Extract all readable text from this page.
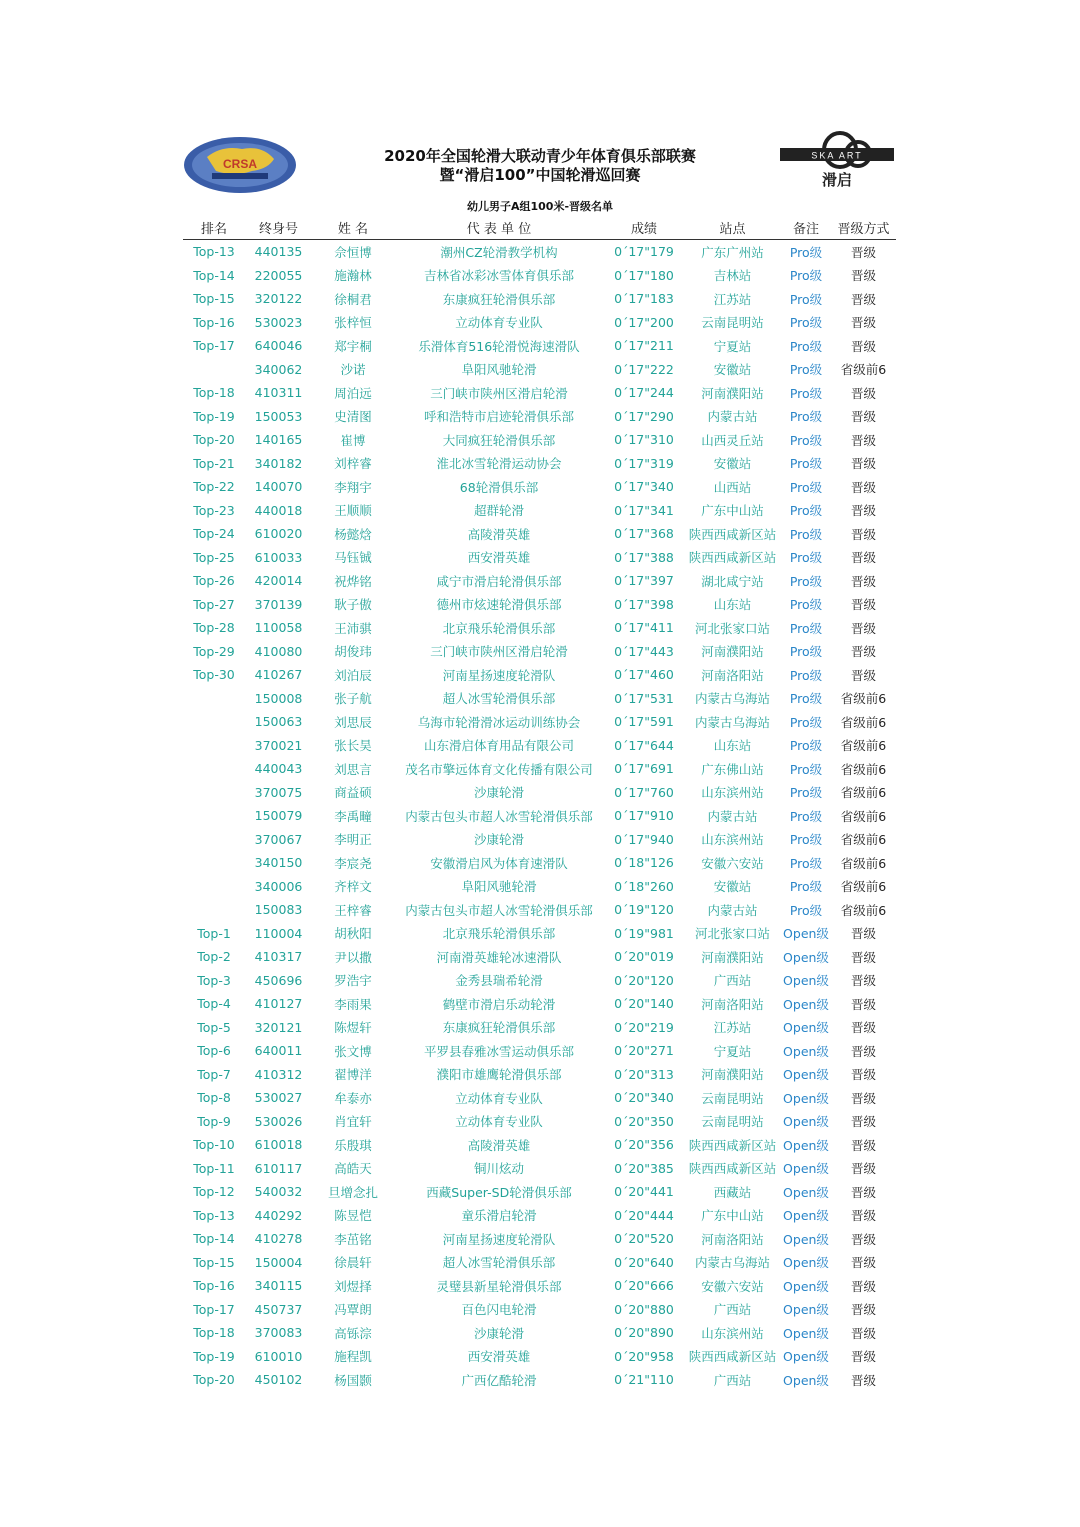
CRSA
SKA ART
滑启
2020年全国轮滑大联动青少年体育俱乐部联赛
暨“滑启100”中国轮滑巡回赛
幼儿男子A组100米-晋级名单
排名	终身号	姓 名	代 表 单 位	成绩	站点	备注	晋级方式
Top-13	440135	佘恒博	潮州CZ轮滑教学机构	0´17"179	广东广州站	Pro级	晋级
Top-14	220055	施瀚林	吉林省冰彩冰雪体育俱乐部	0´17"180	吉林站	Pro级	晋级
Top-15	320122	徐桐君	东康疯狂轮滑俱乐部	0´17"183	江苏站	Pro级	晋级
Top-16	530023	张梓恒	立动体育专业队	0´17"200	云南昆明站	Pro级	晋级
Top-17	640046	郑宇桐	乐滑体育516轮滑悦海速滑队	0´17"211	宁夏站	Pro级	晋级
	340062	沙诺	阜阳风驰轮滑	0´17"222	安徽站	Pro级	省级前6
Top-18	410311	周泊远	三门峡市陕州区滑启轮滑	0´17"244	河南濮阳站	Pro级	晋级
Top-19	150053	史清图	呼和浩特市启迹轮滑俱乐部	0´17"290	内蒙古站	Pro级	晋级
Top-20	140165	崔博	大同疯狂轮滑俱乐部	0´17"310	山西灵丘站	Pro级	晋级
Top-21	340182	刘梓睿	淮北冰雪轮滑运动协会	0´17"319	安徽站	Pro级	晋级
Top-22	140070	李翔宇	68轮滑俱乐部	0´17"340	山西站	Pro级	晋级
Top-23	440018	王顺顺	超群轮滑	0´17"341	广东中山站	Pro级	晋级
Top-24	610020	杨懿焓	高陵滑英雄	0´17"368	陕西西咸新区站	Pro级	晋级
Top-25	610033	马钰铖	西安滑英雄	0´17"388	陕西西咸新区站	Pro级	晋级
Top-26	420014	祝烨铭	咸宁市滑启轮滑俱乐部	0´17"397	湖北咸宁站	Pro级	晋级
Top-27	370139	耿子傲	德州市炫速轮滑俱乐部	0´17"398	山东站	Pro级	晋级
Top-28	110058	王沛骐	北京飛乐轮滑俱乐部	0´17"411	河北张家口站	Pro级	晋级
Top-29	410080	胡俊玮	三门峡市陕州区滑启轮滑	0´17"443	河南濮阳站	Pro级	晋级
Top-30	410267	刘泊辰	河南星扬速度轮滑队	0´17"460	河南洛阳站	Pro级	晋级
	150008	张子航	超人冰雪轮滑俱乐部	0´17"531	内蒙古乌海站	Pro级	省级前6
	150063	刘思辰	乌海市轮滑滑冰运动训练协会	0´17"591	内蒙古乌海站	Pro级	省级前6
	370021	张长昊	山东滑启体育用品有限公司	0´17"644	山东站	Pro级	省级前6
	440043	刘思言	茂名市擎远体育文化传播有限公司	0´17"691	广东佛山站	Pro级	省级前6
	370075	商益硕	沙康轮滑	0´17"760	山东滨州站	Pro级	省级前6
	150079	李禹疃	内蒙古包头市超人冰雪轮滑俱乐部	0´17"910	内蒙古站	Pro级	省级前6
	370067	李明正	沙康轮滑	0´17"940	山东滨州站	Pro级	省级前6
	340150	李宸尧	安徽滑启风为体育速滑队	0´18"126	安徽六安站	Pro级	省级前6
	340006	齐梓文	阜阳风驰轮滑	0´18"260	安徽站	Pro级	省级前6
	150083	王梓睿	内蒙古包头市超人冰雪轮滑俱乐部	0´19"120	内蒙古站	Pro级	省级前6
Top-1	110004	胡秋阳	北京飛乐轮滑俱乐部	0´19"981	河北张家口站	Open级	晋级
Top-2	410317	尹以撒	河南滑英雄轮冰速滑队	0´20"019	河南濮阳站	Open级	晋级
Top-3	450696	罗浩宇	金秀县瑞希轮滑	0´20"120	广西站	Open级	晋级
Top-4	410127	李雨果	鹤壁市滑启乐动轮滑	0´20"140	河南洛阳站	Open级	晋级
Top-5	320121	陈煜轩	东康疯狂轮滑俱乐部	0´20"219	江苏站	Open级	晋级
Top-6	640011	张文博	平罗县春雅冰雪运动俱乐部	0´20"271	宁夏站	Open级	晋级
Top-7	410312	翟博洋	濮阳市雄鹰轮滑俱乐部	0´20"313	河南濮阳站	Open级	晋级
Top-8	530027	牟泰亦	立动体育专业队	0´20"340	云南昆明站	Open级	晋级
Top-9	530026	肖宜轩	立动体育专业队	0´20"350	云南昆明站	Open级	晋级
Top-10	610018	乐殷琪	高陵滑英雄	0´20"356	陕西西咸新区站	Open级	晋级
Top-11	610117	高皓天	铜川炫动	0´20"385	陕西西咸新区站	Open级	晋级
Top-12	540032	旦增念扎	西藏Super-SD轮滑俱乐部	0´20"441	西藏站	Open级	晋级
Top-13	440292	陈昱恺	童乐滑启轮滑	0´20"444	广东中山站	Open级	晋级
Top-14	410278	李茁铭	河南星扬速度轮滑队	0´20"520	河南洛阳站	Open级	晋级
Top-15	150004	徐晨轩	超人冰雪轮滑俱乐部	0´20"640	内蒙古乌海站	Open级	晋级
Top-16	340115	刘煜择	灵璧县新星轮滑俱乐部	0´20"666	安徽六安站	Open级	晋级
Top-17	450737	冯覃朗	百色闪电轮滑	0´20"880	广西站	Open级	晋级
Top-18	370083	高铄淙	沙康轮滑	0´20"890	山东滨州站	Open级	晋级
Top-19	610010	施程凯	西安滑英雄	0´20"958	陕西西咸新区站	Open级	晋级
Top-20	450102	杨国颢	广西亿酷轮滑	0´21"110	广西站	Open级	晋级
